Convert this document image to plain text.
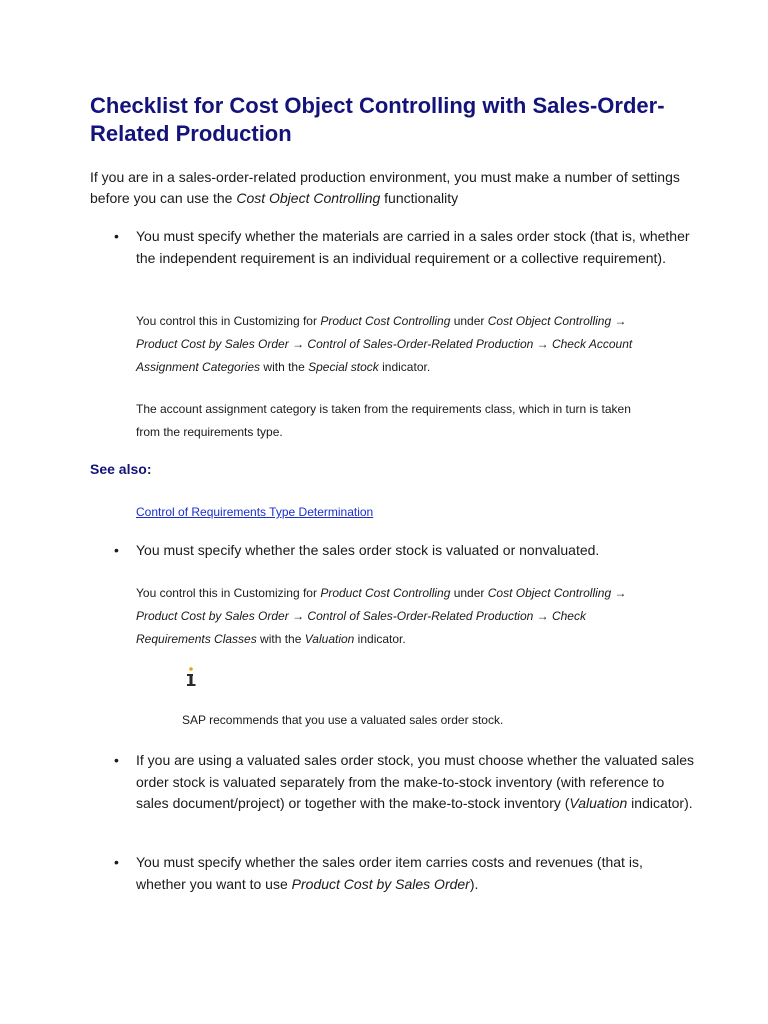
Checklist for Cost Object Controlling with Sales-Order-Related Production

If you are in a sales-order-related production environment, you must make a number of settings before you can use the Cost Object Controlling functionality

• You must specify whether the materials are carried in a sales order stock (that is, whether the independent requirement is an individual requirement or a collective requirement).

You control this in Customizing for Product Cost Controlling under Cost Object Controlling → Product Cost by Sales Order → Control of Sales-Order-Related Production → Check Account Assignment Categories with the Special stock indicator.

The account assignment category is taken from the requirements class, which in turn is taken from the requirements type.

See also:

Control of Requirements Type Determination

• You must specify whether the sales order stock is valuated or nonvaluated.

You control this in Customizing for Product Cost Controlling under Cost Object Controlling → Product Cost by Sales Order → Control of Sales-Order-Related Production → Check Requirements Classes with the Valuation indicator.

SAP recommends that you use a valuated sales order stock.

• If you are using a valuated sales order stock, you must choose whether the valuated sales order stock is valuated separately from the make-to-stock inventory (with reference to sales document/project) or together with the make-to-stock inventory (Valuation indicator).

• You must specify whether the sales order item carries costs and revenues (that is, whether you want to use Product Cost by Sales Order).
